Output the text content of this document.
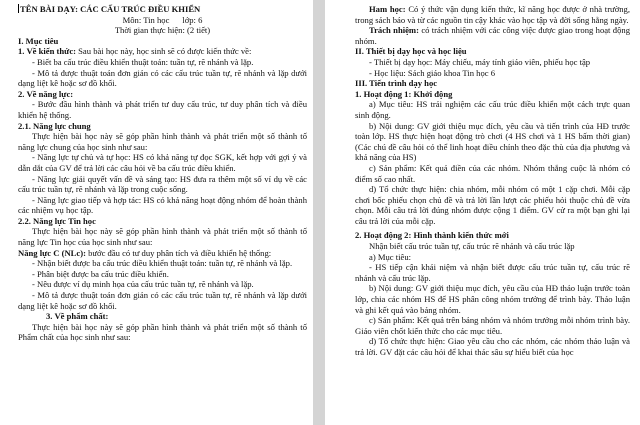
TÊN BÀI DẠY: CÁC CẤU TRÚC ĐIỀU KHIỂN
Môn: Tin học      lớp: 6
Thời gian thực hiện: (2 tiết)
I. Mục tiêu
1. Về kiến thức: Sau bài học này, học sinh sẽ có được kiến thức về:

- Biết ba cấu trúc điều khiển thuật toán: tuần tự, rẽ nhánh và lặp.

- Mô tả được thuật toán đơn giản có các cấu trúc tuần tự, rẽ nhánh và lặp dưới dạng liệt kê hoặc sơ đồ khối.

2. Về năng lực:

- Bước đầu hình thành và phát triển tư duy cấu trúc, tư duy phân tích và điều khiển hệ thống.

2.1. Năng lực chung

Thực hiện bài học này sẽ góp phần hình thành và phát triển một số thành tố năng lực chung của học sinh như sau:

- Năng lực tự chủ và tự học: HS có khả năng tự đọc SGK, kết hợp với gợi ý và dẫn dắt của GV để trả lời các câu hỏi về ba cấu trúc điều khiển.

- Năng lực giải quyết vấn đề và sáng tạo: HS đưa ra thêm một số ví dụ về các cấu trúc tuần tự, rẽ nhánh và lặp trong cuộc sống.

- Năng lực giao tiếp và hợp tác: HS có khả năng hoạt động nhóm để hoàn thành các nhiệm vụ học tập.

2.2. Năng lực Tin học

Thực hiện bài học này sẽ góp phần hình thành và phát triển một số thành tố năng lực Tin học của học sinh như sau:

Năng lực C (NLc): bước đầu có tư duy phân tích và điều khiển hệ thống:

- Nhận biết được ba cấu trúc điều khiển thuật toán: tuần tự, rẽ nhánh và lặp.

- Phân biệt được ba cấu trúc điều khiển.

- Nêu được ví dụ minh họa của cấu trúc tuần tự, rẽ nhánh và lặp.

- Mô tả được thuật toán đơn giản có các cấu trúc tuần tự, rẽ nhánh và lặp dưới dạng liệt kê hoặc sơ đồ khối.

3. Về phẩm chất:

Thực hiện bài học này sẽ góp phần hình thành và phát triển một số thành tố Phẩm chất của học sinh như sau:

Ham học: Có ý thức vận dụng kiến thức, kĩ năng học được ở nhà trường, trong sách báo và từ các nguồn tin cậy khác vào học tập và đời sống hằng ngày.

Trách nhiệm: có trách nhiệm với các công việc được giao trong hoạt động nhóm.

II. Thiết bị dạy học và học liệu

- Thiết bị dạy học: Máy chiếu, máy tính giáo viên, phiếu học tập

- Học liệu: Sách giáo khoa Tin học 6

III. Tiến trình dạy học
1. Hoạt động 1: Khởi động

a) Mục tiêu: HS trải nghiệm các cấu trúc điều khiển một cách trực quan sinh động.

b) Nội dung: GV giới thiệu mục đích, yêu cầu và tiến trình của HĐ trước toàn lớp. HS thực hiện hoạt động trò chơi (4 HS chơi và 1 HS bấm thời gian) (Các chú đề câu hỏi có thể linh hoạt điều chỉnh theo đặc thù của địa phương và khả năng của HS)

c) Sản phẩm: Kết quả điền của các nhóm. Nhóm thắng cuộc là nhóm có điểm số cao nhất.

d) Tổ chức thực hiện: chia nhóm, mỗi nhóm có một 1 cặp chơi. Mỗi cặp chơi bốc phiếu chọn chủ đề và trả lời lần lượt các phiếu hỏi thuộc chủ đề vừa chọn. Mỗi câu trả lời đúng nhóm được cộng 1 điểm. GV cử ra một bạn ghi lại câu trả lời của mỗi cặp.

2. Hoạt động 2: Hình thành kiến thức mới

Nhận biết cấu trúc tuần tự, cấu trúc rẽ nhánh và cấu trúc lặp

a) Mục tiêu:

- HS tiếp cận khái niệm và nhận biết được cấu trúc tuần tự, cấu trúc rẽ nhánh và cấu trúc lặp.

b) Nội dung: GV giới thiệu mục đích, yêu cầu của HĐ thảo luận trước toàn lớp, chia các nhóm HS để HS phân công nhóm trưởng để trình bày. Thảo luận và ghi kết quả vào bảng nhóm.

c) Sản phẩm: Kết quả trên bảng nhóm và nhóm trưởng mỗi nhóm trình bày. Giáo viên chốt kiến thức cho các mục tiêu.

d) Tổ chức thực hiện: Giao yêu cầu cho các nhóm, các nhóm thảo luận và trả lời. GV đặt các câu hỏi để khai thác sâu sự hiểu biết của học
